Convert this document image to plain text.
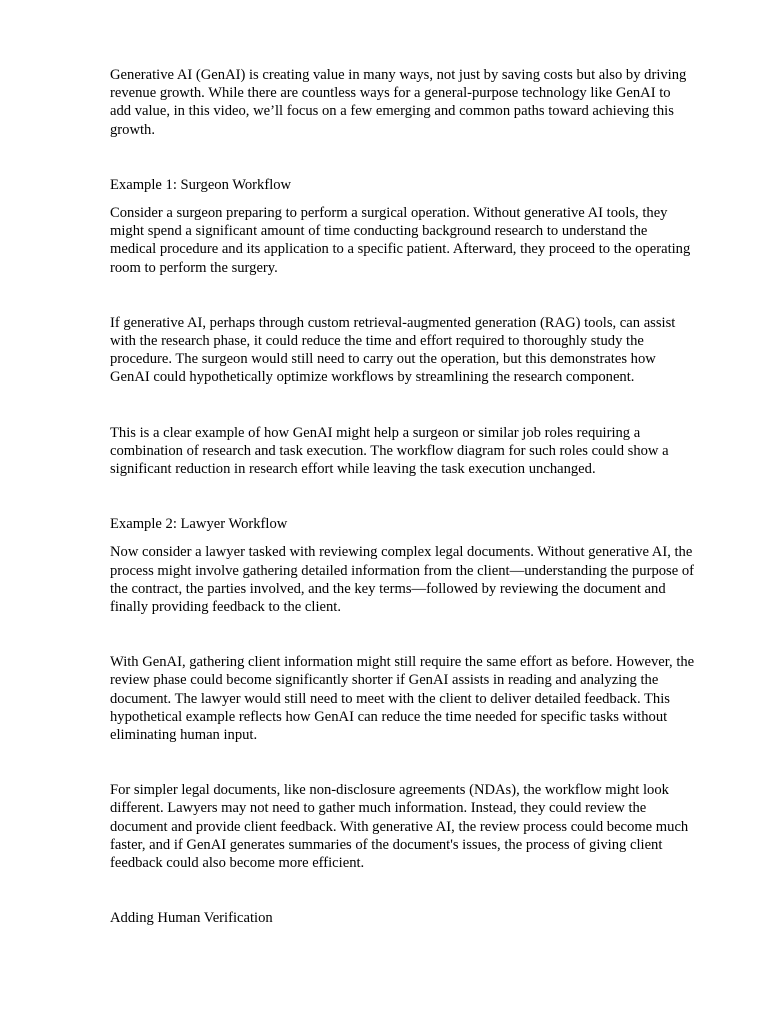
Generative AI (GenAI) is creating value in many ways, not just by saving costs but also by driving revenue growth. While there are countless ways for a general-purpose technology like GenAI to add value, in this video, we’ll focus on a few emerging and common paths toward achieving this growth.

Example 1: Surgeon Workflow

Consider a surgeon preparing to perform a surgical operation. Without generative AI tools, they might spend a significant amount of time conducting background research to understand the medical procedure and its application to a specific patient. Afterward, they proceed to the operating room to perform the surgery.

If generative AI, perhaps through custom retrieval-augmented generation (RAG) tools, can assist with the research phase, it could reduce the time and effort required to thoroughly study the procedure. The surgeon would still need to carry out the operation, but this demonstrates how GenAI could hypothetically optimize workflows by streamlining the research component.

This is a clear example of how GenAI might help a surgeon or similar job roles requiring a combination of research and task execution. The workflow diagram for such roles could show a significant reduction in research effort while leaving the task execution unchanged.

Example 2: Lawyer Workflow

Now consider a lawyer tasked with reviewing complex legal documents. Without generative AI, the process might involve gathering detailed information from the client—understanding the purpose of the contract, the parties involved, and the key terms—followed by reviewing the document and finally providing feedback to the client.

With GenAI, gathering client information might still require the same effort as before. However, the review phase could become significantly shorter if GenAI assists in reading and analyzing the document. The lawyer would still need to meet with the client to deliver detailed feedback. This hypothetical example reflects how GenAI can reduce the time needed for specific tasks without eliminating human input.

For simpler legal documents, like non-disclosure agreements (NDAs), the workflow might look different. Lawyers may not need to gather much information. Instead, they could review the document and provide client feedback. With generative AI, the review process could become much faster, and if GenAI generates summaries of the document's issues, the process of giving client feedback could also become more efficient.

Adding Human Verification
